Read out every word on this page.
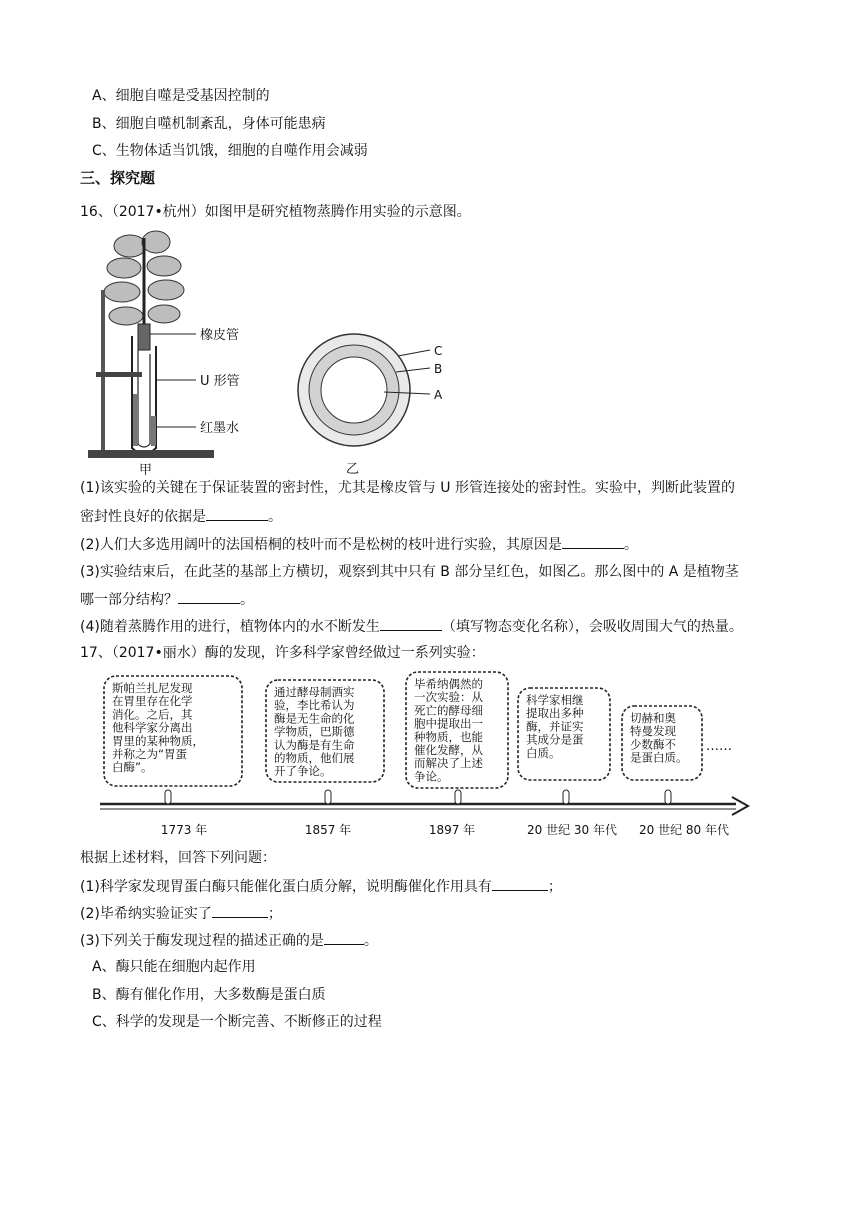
A、细胞自噬是受基因控制的
B、细胞自噬机制紊乱，身体可能患病
C、生物体适当饥饿，细胞的自噬作用会减弱
三、探究题
16、（2017•杭州）如图甲是研究植物蒸腾作用实验的示意图。
橡皮管
U 形管
红墨水
甲
C
B
A
乙
(1)该实验的关键在于保证装置的密封性，尤其是橡皮管与 U 形管连接处的密封性。实验中，判断此装置的
密封性良好的依据是	。
(2)人们大多选用阔叶的法国梧桐的枝叶而不是松树的枝叶进行实验，其原因是	。
(3)实验结束后，在此茎的基部上方横切，观察到其中只有 B 部分呈红色，如图乙。那么图中的 A 是植物茎
哪一部分结构？	。
(4)随着蒸腾作用的进行，植物体内的水不断发生	（填写物态变化名称），会吸收周围大气的热量。
17、（2017•丽水）酶的发现，许多科学家曾经做过一系列实验：
……
斯帕兰扎尼发现
在胃里存在化学
消化。之后，其
他科学家分离出
胃里的某种物质，
并称之为“胃蛋
白酶”。
通过酵母制酒实
验，李比希认为
酶是无生命的化
学物质，巴斯德
认为酶是有生命
的物质，他们展
开了争论。
毕希纳偶然的
一次实验：从
死亡的酵母细
胞中提取出一
种物质，也能
催化发酵，从
而解决了上述
争论。
科学家相继
提取出多种
酶，并证实
其成分是蛋
白质。
切赫和奥
特曼发现
少数酶不
是蛋白质。
1773 年	1857 年	1897 年	20 世纪 30 年代 20 世纪 80 年代
根据上述材料，回答下列问题：
(1)科学家发现胃蛋白酶只能催化蛋白质分解，说明酶催化作用具有	；
(2)毕希纳实验证实了	；
(3)下列关于酶发现过程的描述正确的是	。
A、酶只能在细胞内起作用
B、酶有催化作用，大多数酶是蛋白质
C、科学的发现是一个断完善、不断修正的过程
